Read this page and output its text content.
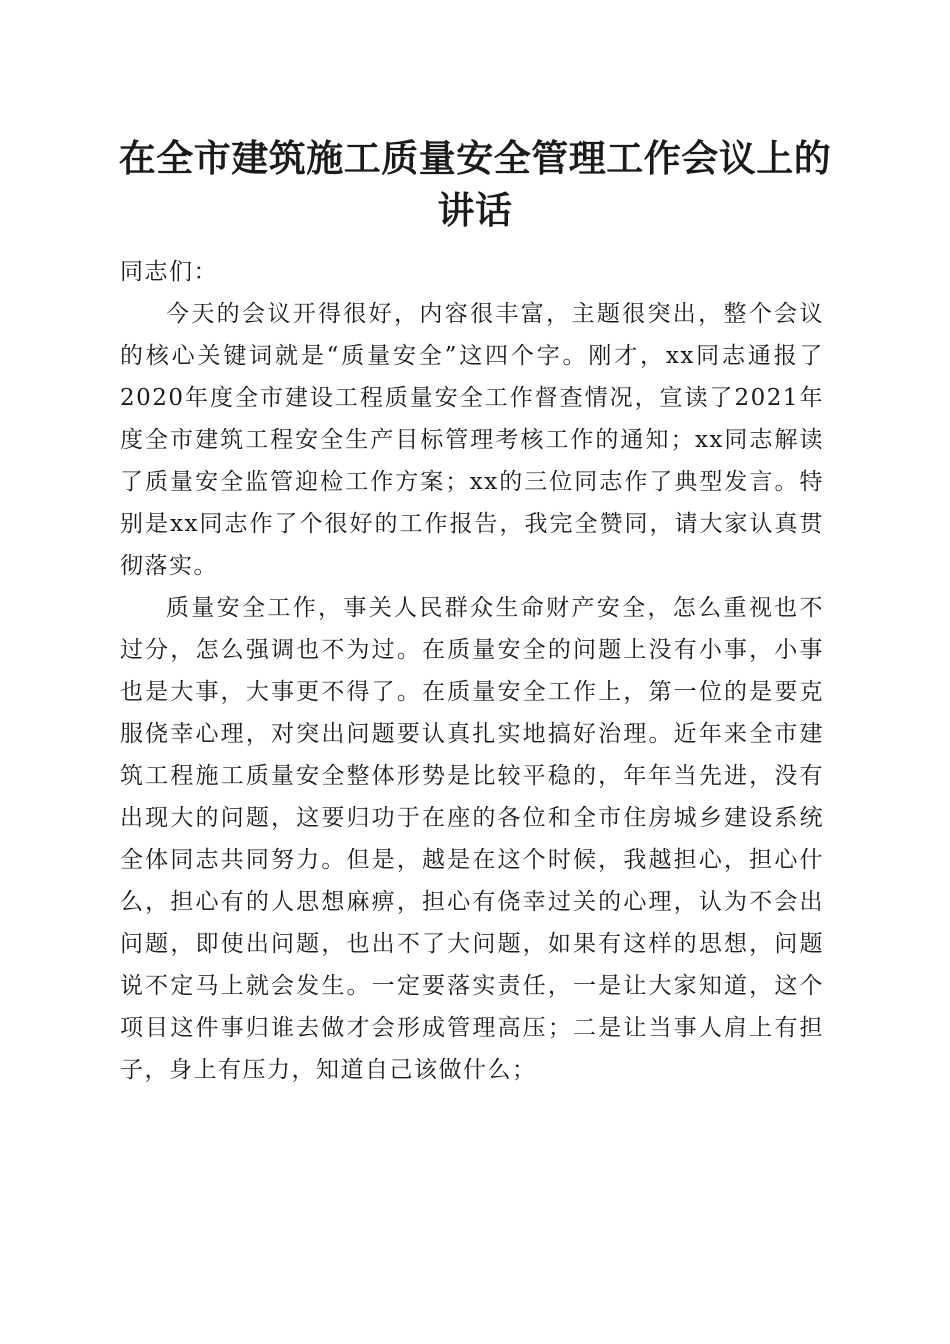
在全市建筑施工质量安全管理工作会议上的讲话

同志们：

今天的会议开得很好，内容很丰富，主题很突出，整个会议的核心关键词就是“质量安全”这四个字。刚才，xx同志通报了2020年度全市建设工程质量安全工作督查情况，宣读了2021年度全市建筑工程安全生产目标管理考核工作的通知；xx同志解读了质量安全监管迎检工作方案；xx的三位同志作了典型发言。特别是xx同志作了个很好的工作报告，我完全赞同，请大家认真贯彻落实。

质量安全工作，事关人民群众生命财产安全，怎么重视也不过分，怎么强调也不为过。在质量安全的问题上没有小事，小事也是大事，大事更不得了。在质量安全工作上，第一位的是要克服侥幸心理，对突出问题要认真扎实地搞好治理。近年来全市建筑工程施工质量安全整体形势是比较平稳的，年年当先进，没有出现大的问题，这要归功于在座的各位和全市住房城乡建设系统全体同志共同努力。但是，越是在这个时候，我越担心，担心什么，担心有的人思想麻痹，担心有侥幸过关的心理，认为不会出问题，即使出问题，也出不了大问题，如果有这样的思想，问题说不定马上就会发生。一定要落实责任，一是让大家知道，这个项目这件事归谁去做才会形成管理高压；二是让当事人肩上有担子，身上有压力，知道自己该做什么；
